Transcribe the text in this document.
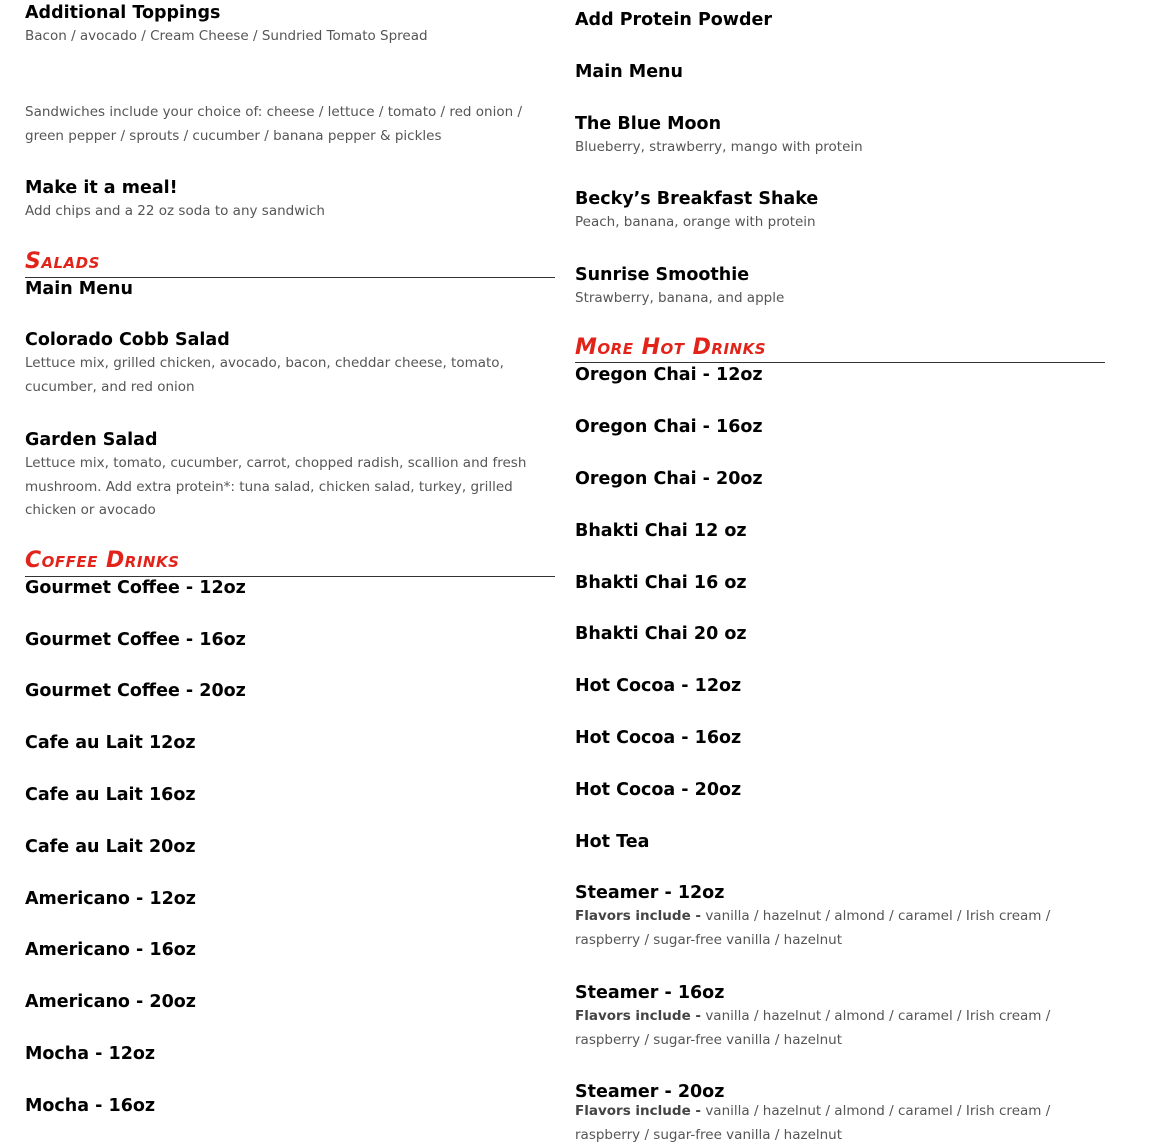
Additional Toppings
Bacon / avocado / Cream Cheese / Sundried Tomato Spread
Sandwiches include your choice of: cheese / lettuce / tomato / red onion / green pepper / sprouts / cucumber / banana pepper & pickles
Make it a meal!
Add chips and a 22 oz soda to any sandwich
Salads
Main Menu
Colorado Cobb Salad
Lettuce mix, grilled chicken, avocado, bacon, cheddar cheese, tomato, cucumber, and red onion
Garden Salad
Lettuce mix, tomato, cucumber, carrot, chopped radish, scallion and fresh mushroom. Add extra protein*: tuna salad, chicken salad, turkey, grilled chicken or avocado
Coffee Drinks
Gourmet Coffee - 12oz
Gourmet Coffee - 16oz
Gourmet Coffee - 20oz
Cafe au Lait 12oz
Cafe au Lait 16oz
Cafe au Lait 20oz
Americano - 12oz
Americano - 16oz
Americano - 20oz
Mocha - 12oz
Mocha - 16oz
Add Protein Powder
Main Menu
The Blue Moon
Blueberry, strawberry, mango with protein
Becky’s Breakfast Shake
Peach, banana, orange with protein
Sunrise Smoothie
Strawberry, banana, and apple
More Hot Drinks
Oregon Chai - 12oz
Oregon Chai - 16oz
Oregon Chai - 20oz
Bhakti Chai 12 oz
Bhakti Chai 16 oz
Bhakti Chai 20 oz
Hot Cocoa - 12oz
Hot Cocoa - 16oz
Hot Cocoa - 20oz
Hot Tea
Steamer - 12oz
Flavors include - vanilla / hazelnut / almond / caramel / Irish cream / raspberry / sugar-free vanilla / hazelnut
Steamer - 16oz
Flavors include - vanilla / hazelnut / almond / caramel / Irish cream / raspberry / sugar-free vanilla / hazelnut
Steamer - 20oz
Flavors include - vanilla / hazelnut / almond / caramel / Irish cream / raspberry / sugar-free vanilla / hazelnut
